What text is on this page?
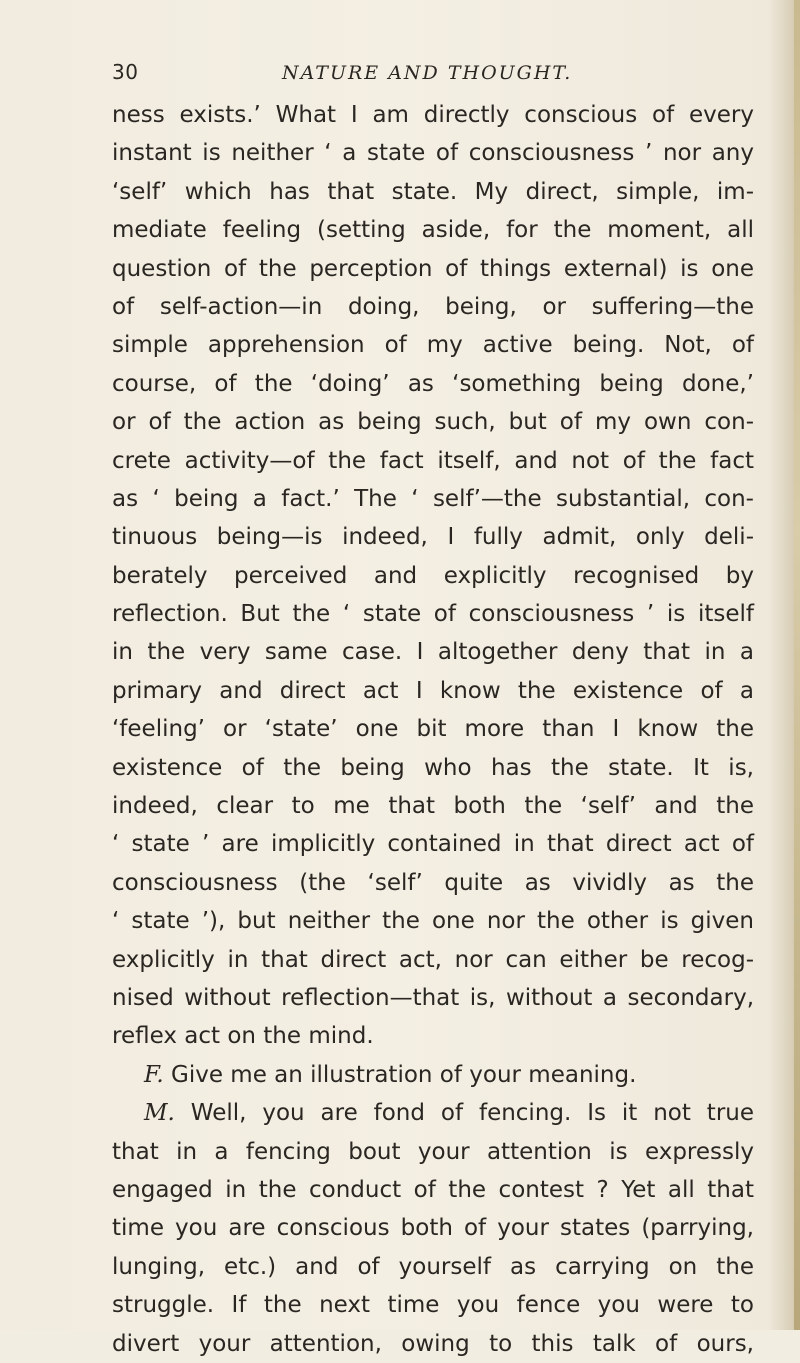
30	NATURE AND THOUGHT.
ness exists.’ What I am directly conscious of every
instant is neither ‘ a state of consciousness ’ nor any
‘self’ which has that state. My direct, simple, im-
mediate feeling (setting aside, for the moment, all
question of the perception of things external) is one
of self-action—in doing, being, or suffering—the
simple apprehension of my active being. Not, of
course, of the ‘doing’ as ‘something being done,’
or of the action as being such, but of my own con-
crete activity—of the fact itself, and not of the fact
as ‘ being a fact.’ The ‘ self’—the substantial, con-
tinuous being—is indeed, I fully admit, only deli-
berately perceived and explicitly recognised by
reflection. But the ‘ state of consciousness ’ is itself
in the very same case. I altogether deny that in a
primary and direct act I know the existence of a
‘feeling’ or ‘state’ one bit more than I know the
existence of the being who has the state. It is,
indeed, clear to me that both the ‘self’ and the
‘ state ’ are implicitly contained in that direct act of
consciousness (the ‘self’ quite as vividly as the
‘ state ’), but neither the one nor the other is given
explicitly in that direct act, nor can either be recog-
nised without reflection—that is, without a secondary,
reflex act on the mind.
F. Give me an illustration of your meaning.
M. Well, you are fond of fencing. Is it not true
that in a fencing bout your attention is expressly
engaged in the conduct of the contest ? Yet all that
time you are conscious both of your states (parrying,
lunging, etc.) and of yourself as carrying on the
struggle. If the next time you fence you were to
divert your attention, owing to this talk of ours,
